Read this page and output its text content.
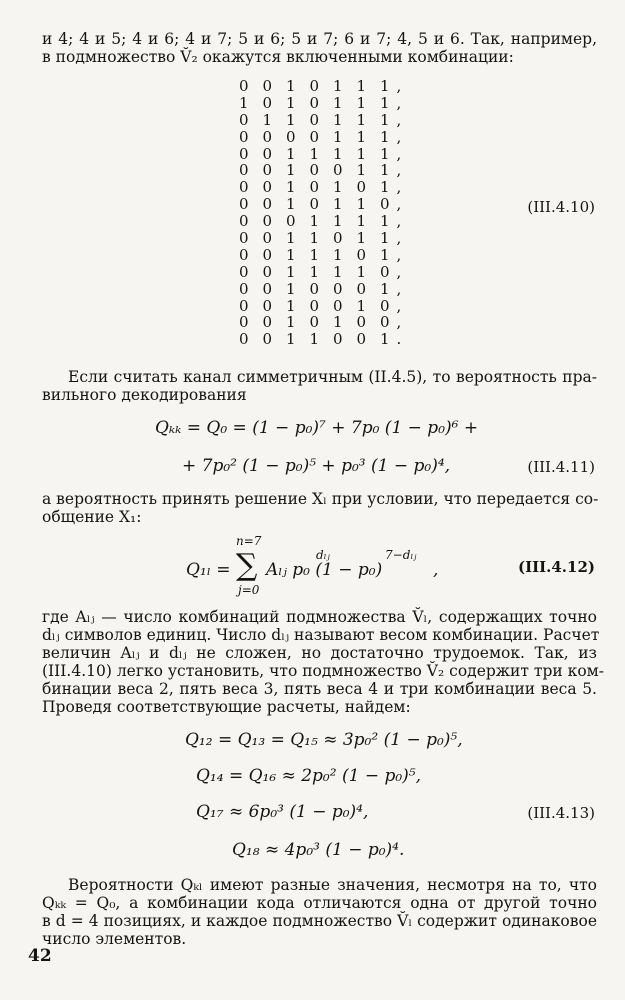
и 4; 4 и 5; 4 и 6; 4 и 7; 5 и 6; 5 и 7; 6 и 7; 4, 5 и 6. Так, например,
в подмножество V̆₂ окажутся включенными комбинации:
0 0 1 0 1 1 1 ,
1 0 1 0 1 1 1 ,
0 1 1 0 1 1 1 ,
0 0 0 0 1 1 1 ,
0 0 1 1 1 1 1 ,
0 0 1 0 0 1 1 ,
0 0 1 0 1 0 1 ,
0 0 1 0 1 1 0 ,
0 0 0 1 1 1 1 ,
0 0 1 1 0 1 1 ,
0 0 1 1 1 0 1 ,
0 0 1 1 1 1 0 ,
0 0 1 0 0 0 1 ,
0 0 1 0 0 1 0 ,
0 0 1 0 1 0 0 ,
0 0 1 1 0 0 1 .
(III.4.10)
Если считать канал симметричным (II.4.5), то вероятность пра-
вильного декодирования
Qₖₖ = Q₀ = (1 − p₀)⁷ + 7p₀ (1 − p₀)⁶ +
+ 7p₀² (1 − p₀)⁵ + p₀³ (1 − p₀)⁴,	(III.4.11)
а вероятность принять решение Xₗ при условии, что передается со-
общение X₁:
Q₁ₗ =
n=7
∑
j=0
Aₗⱼ p₀ (1 − p₀)
dₗⱼ	7−dₗⱼ
,	(III.4.12)
где Aₗⱼ — число комбинаций подмножества V̆ₗ, содержащих точно
dₗⱼ символов единиц. Число dₗⱼ называют весом комбинации. Расчет
величин Aₗⱼ и dₗⱼ не сложен, но достаточно трудоемок. Так, из
(III.4.10) легко установить, что подмножество V̆₂ содержит три ком-
бинации веса 2, пять веса 3, пять веса 4 и три комбинации веса 5.
Проведя соответствующие расчеты, найдем:
Q₁₂ = Q₁₃ = Q₁₅ ≈ 3p₀² (1 − p₀)⁵,
Q₁₄ = Q₁₆ ≈ 2p₀² (1 − p₀)⁵,
Q₁₇ ≈ 6p₀³ (1 − p₀)⁴,
Q₁₈ ≈ 4p₀³ (1 − p₀)⁴.
(III.4.13)
Вероятности Qₖₗ имеют разные значения, несмотря на то, что
Qₖₖ = Q₀, а комбинации кода отличаются одна от другой точно
в d = 4 позициях, и каждое подмножество V̆ₗ содержит одинаковое
число элементов.
42
